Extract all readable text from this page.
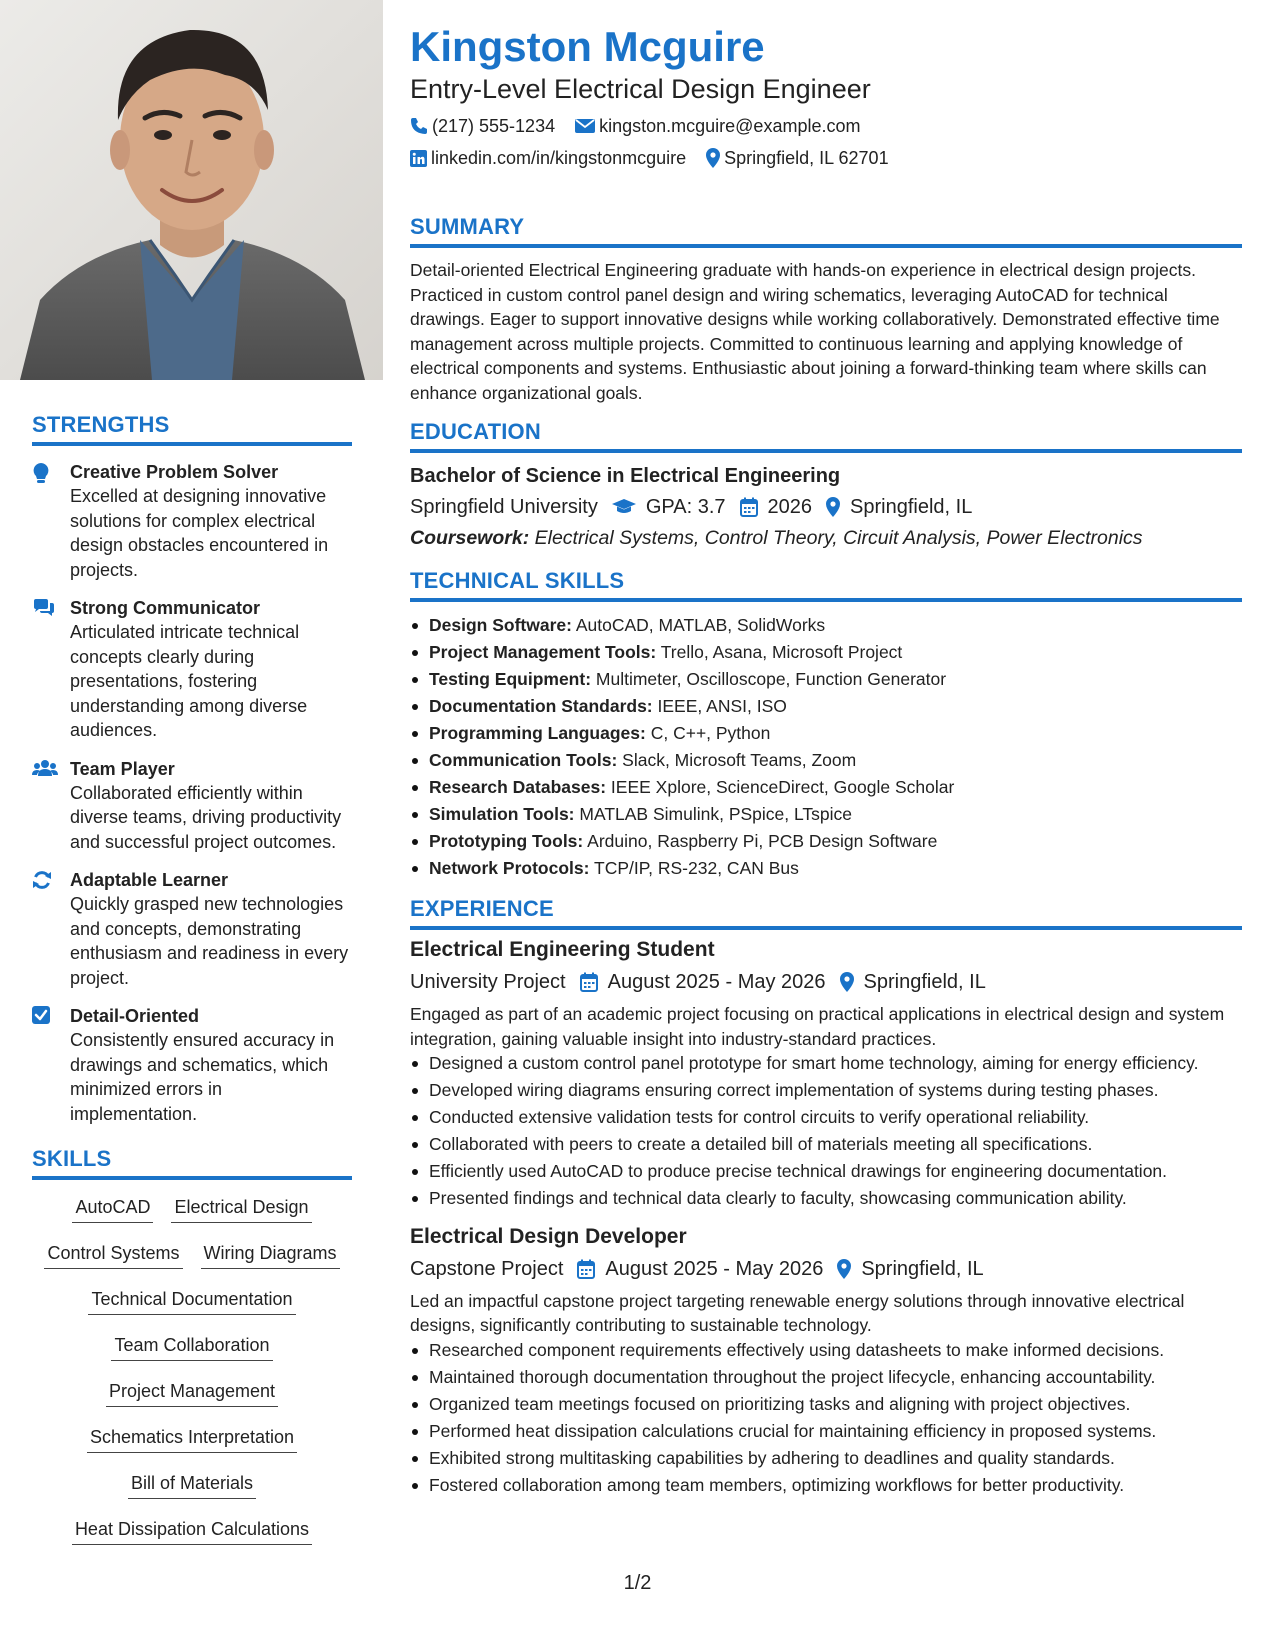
STRENGTHS
Creative Problem Solver
Excelled at designing innovative solutions for complex electrical design obstacles encountered in projects.
Strong Communicator
Articulated intricate technical concepts clearly during presentations, fostering understanding among diverse audiences.
Team Player
Collaborated efficiently within diverse teams, driving productivity and successful project outcomes.
Adaptable Learner
Quickly grasped new technologies and concepts, demonstrating enthusiasm and readiness in every project.
Detail-Oriented
Consistently ensured accuracy in drawings and schematics, which minimized errors in implementation.
SKILLS
AutoCAD Electrical Design
Control Systems Wiring Diagrams
Technical Documentation
Team Collaboration
Project Management
Schematics Interpretation
Bill of Materials
Heat Dissipation Calculations
Kingston Mcguire
Entry-Level Electrical Design Engineer
(217) 555-1234 kingston.mcguire@example.com
linkedin.com/in/kingstonmcguire Springfield, IL 62701
SUMMARY

Detail-oriented Electrical Engineering graduate with hands-on experience in electrical design projects. Practiced in custom control panel design and wiring schematics, leveraging AutoCAD for technical drawings. Eager to support innovative designs while working collaboratively. Demonstrated effective time management across multiple projects. Committed to continuous learning and applying knowledge of electrical components and systems. Enthusiastic about joining a forward-thinking team where skills can enhance organizational goals.

EDUCATION
Bachelor of Science in Electrical Engineering
Springfield University GPA: 3.7 2026 Springfield, IL
Coursework: Electrical Systems, Control Theory, Circuit Analysis, Power Electronics
TECHNICAL SKILLS
Design Software: AutoCAD, MATLAB, SolidWorks
Project Management Tools: Trello, Asana, Microsoft Project
Testing Equipment: Multimeter, Oscilloscope, Function Generator
Documentation Standards: IEEE, ANSI, ISO
Programming Languages: C, C++, Python
Communication Tools: Slack, Microsoft Teams, Zoom
Research Databases: IEEE Xplore, ScienceDirect, Google Scholar
Simulation Tools: MATLAB Simulink, PSpice, LTspice
Prototyping Tools: Arduino, Raspberry Pi, PCB Design Software
Network Protocols: TCP/IP, RS-232, CAN Bus
EXPERIENCE
Electrical Engineering Student
University Project August 2025 - May 2026 Springfield, IL

Engaged as part of an academic project focusing on practical applications in electrical design and system integration, gaining valuable insight into industry-standard practices.

Designed a custom control panel prototype for smart home technology, aiming for energy efficiency.
Developed wiring diagrams ensuring correct implementation of systems during testing phases.
Conducted extensive validation tests for control circuits to verify operational reliability.
Collaborated with peers to create a detailed bill of materials meeting all specifications.
Efficiently used AutoCAD to produce precise technical drawings for engineering documentation.
Presented findings and technical data clearly to faculty, showcasing communication ability.
Electrical Design Developer
Capstone Project August 2025 - May 2026 Springfield, IL

Led an impactful capstone project targeting renewable energy solutions through innovative electrical designs, significantly contributing to sustainable technology.

Researched component requirements effectively using datasheets to make informed decisions.
Maintained thorough documentation throughout the project lifecycle, enhancing accountability.
Organized team meetings focused on prioritizing tasks and aligning with project objectives.
Performed heat dissipation calculations crucial for maintaining efficiency in proposed systems.
Exhibited strong multitasking capabilities by adhering to deadlines and quality standards.
Fostered collaboration among team members, optimizing workflows for better productivity.
1/2
